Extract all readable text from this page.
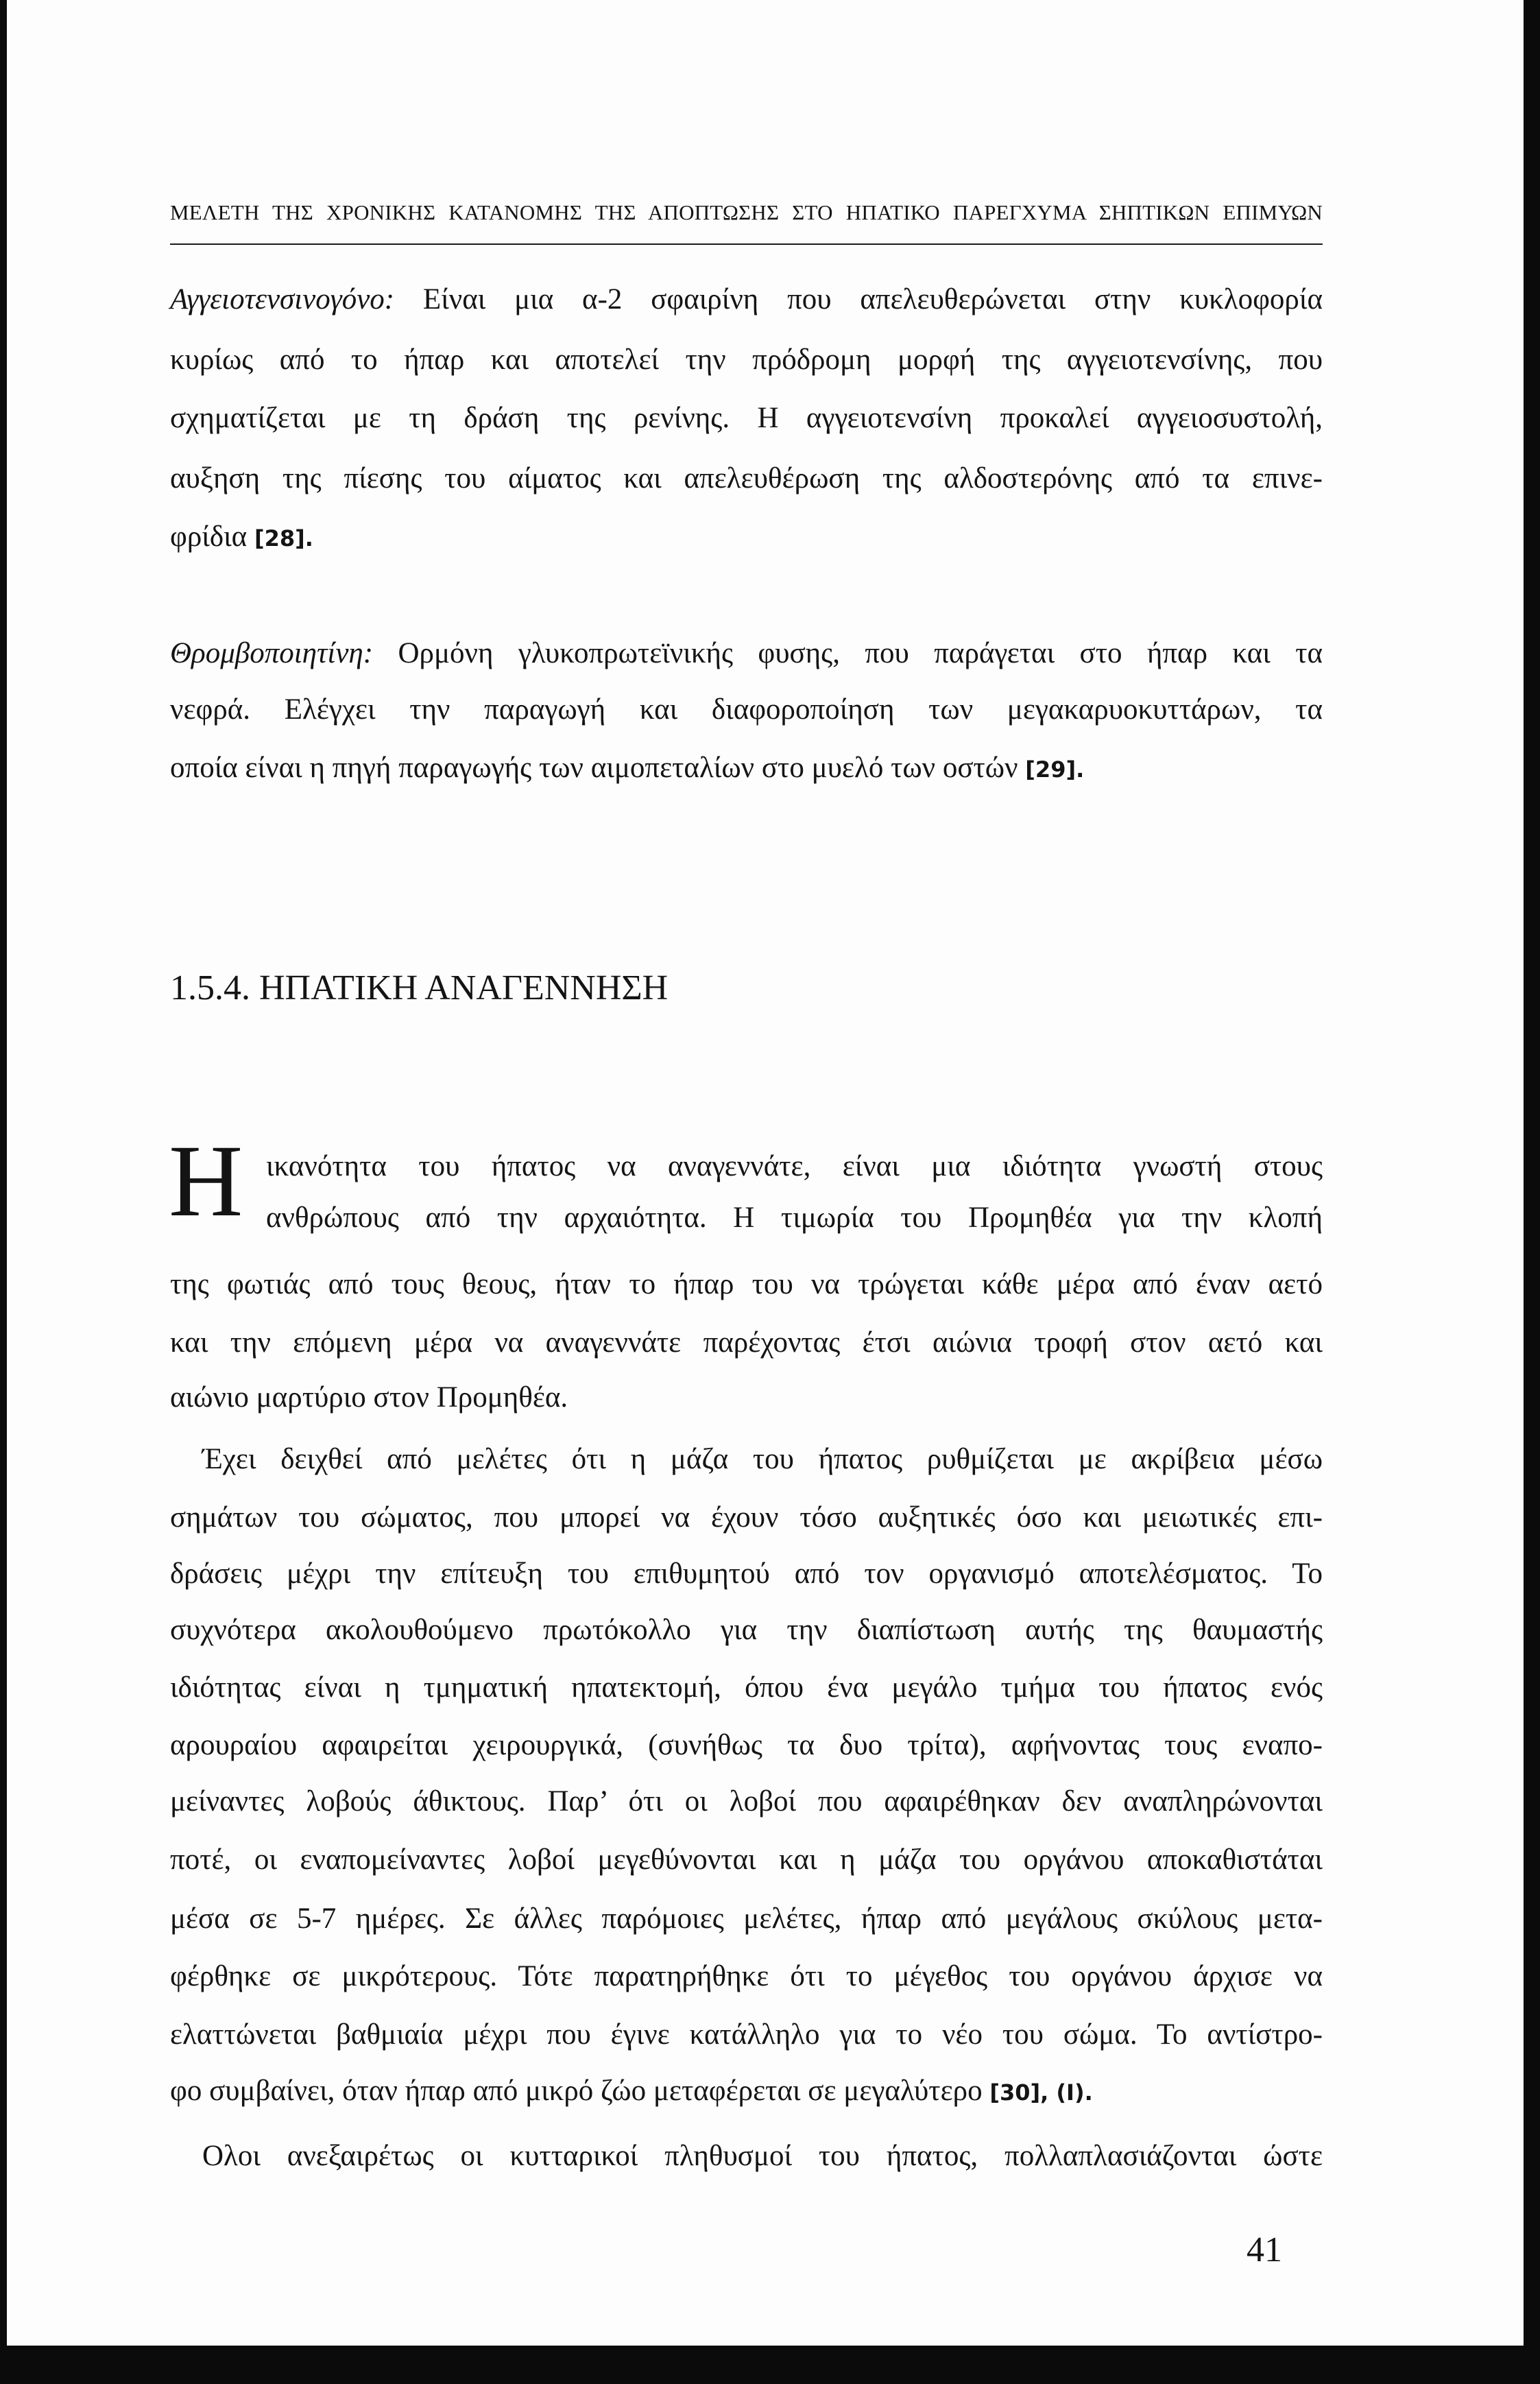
ΜΕΛΕΤΗ ΤΗΣ ΧΡΟΝΙΚΗΣ ΚΑΤΑΝΟΜΗΣ ΤΗΣ ΑΠΟΠΤΩΣΗΣ ΣΤΟ ΗΠΑΤΙΚΟ ΠΑΡΕΓΧΥΜΑ ΣΗΠΤΙΚΩΝ ΕΠΙΜΥΩΝ
Αγγειοτενσινογόνο: Είναι μια α-2 σφαιρίνη που απελευθερώνεται στην κυκλοφορία
κυρίως από το ήπαρ και αποτελεί την πρόδρομη μορφή της αγγειοτενσίνης, που
σχηματίζεται με τη δράση της ρενίνης. Η αγγειοτενσίνη προκαλεί αγγειοσυστολή,
αυξηση της πίεσης του αίματος και απελευθέρωση της αλδοστερόνης από τα επινε-
φρίδια [28].
Θρομβοποιητίνη: Ορμόνη γλυκοπρωτεϊνικής φυσης, που παράγεται στο ήπαρ και τα
νεφρά. Ελέγχει την παραγωγή και διαφοροποίηση των μεγακαρυοκυττάρων, τα
οποία είναι η πηγή παραγωγής των αιμοπεταλίων στο μυελό των οστών [29].
1.5.4. ΗΠΑΤΙΚΗ ΑΝΑΓΕΝΝΗΣΗ
Η ικανότητα του ήπατος να αναγεννάτε, είναι μια ιδιότητα γνωστή στους
ανθρώπους από την αρχαιότητα. Η τιμωρία του Προμηθέα για την κλοπή
της φωτιάς από τους θεους, ήταν το ήπαρ του να τρώγεται κάθε μέρα από έναν αετό
και την επόμενη μέρα να αναγεννάτε παρέχοντας έτσι αιώνια τροφή στον αετό και
αιώνιο μαρτύριο στον Προμηθέα.
Έχει δειχθεί από μελέτες ότι η μάζα του ήπατος ρυθμίζεται με ακρίβεια μέσω
σημάτων του σώματος, που μπορεί να έχουν τόσο αυξητικές όσο και μειωτικές επι-
δράσεις μέχρι την επίτευξη του επιθυμητού από τον οργανισμό αποτελέσματος. Το
συχνότερα ακολουθούμενο πρωτόκολλο για την διαπίστωση αυτής της θαυμαστής
ιδιότητας είναι η τμηματική ηπατεκτομή, όπου ένα μεγάλο τμήμα του ήπατος ενός
αρουραίου αφαιρείται χειρουργικά, (συνήθως τα δυο τρίτα), αφήνοντας τους εναπο-
μείναντες λοβούς άθικτους. Παρ’ ότι οι λοβοί που αφαιρέθηκαν δεν αναπληρώνονται
ποτέ, οι εναπομείναντες λοβοί μεγεθύνονται και η μάζα του οργάνου αποκαθιστάται
μέσα σε 5-7 ημέρες. Σε άλλες παρόμοιες μελέτες, ήπαρ από μεγάλους σκύλους μετα-
φέρθηκε σε μικρότερους. Τότε παρατηρήθηκε ότι το μέγεθος του οργάνου άρχισε να
ελαττώνεται βαθμιαία μέχρι που έγινε κατάλληλο για το νέο του σώμα. Το αντίστρο-
φο συμβαίνει, όταν ήπαρ από μικρό ζώο μεταφέρεται σε μεγαλύτερο [30], (I).
Ολοι ανεξαιρέτως οι κυτταρικοί πληθυσμοί του ήπατος, πολλαπλασιάζονται ώστε
41
